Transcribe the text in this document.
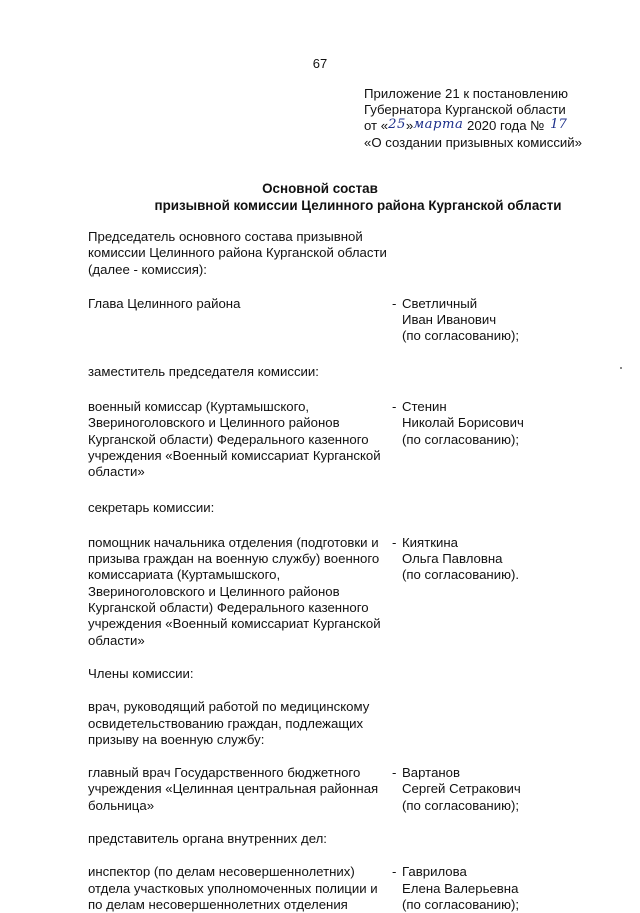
67
Приложение 21 к постановлению
Губернатора Курганской области
от «25»марта 2020 года № 17
«О создании призывных комиссий»
Основной состав
призывной комиссии Целинного района Курганской области

Председатель основного состава призывной комиссии Целинного района Курганской области (далее - комиссия):

Глава Целинного района	- Светличный
Иван Иванович
(по согласованию);

заместитель председателя комиссии:

военный комиссар (Куртамышского, Звериноголовского и Целинного районов Курганской области) Федерального казенного учреждения «Военный комиссариат Курганской области»
- Стенин
Николай Борисович
(по согласованию);

секретарь комиссии:

помощник начальника отделения (подготовки и призыва граждан на военную службу) военного комиссариата (Куртамышского, Звериноголовского и Целинного районов Курганской области) Федерального казенного учреждения «Военный комиссариат Курганской области»
- Кияткина
Ольга Павловна
(по согласованию).

Члены комиссии:

врач, руководящий работой по медицинскому освидетельствованию граждан, подлежащих призыву на военную службу:

главный врач Государственного бюджетного учреждения «Целинная центральная районная больница»
- Вартанов
Сергей Сетракович
(по согласованию);

представитель органа внутренних дел:

инспектор (по делам несовершеннолетних) отдела участковых уполномоченных полиции и по делам несовершеннолетних отделения
- Гаврилова
Елена Валерьевна
(по согласованию);
